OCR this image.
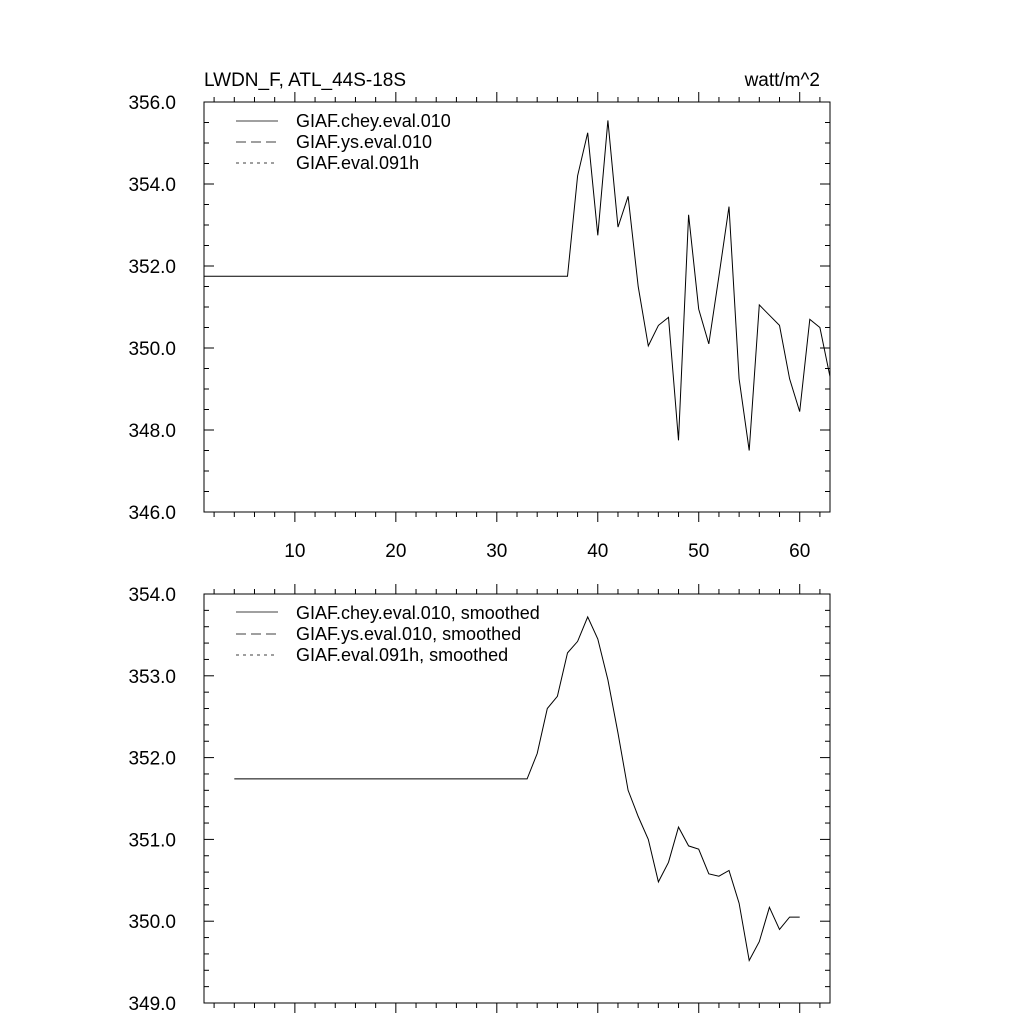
LWDN_F, ATL_44S-18S	watt/m^2
346.0
348.0
350.0
352.0
354.0
356.0
10	20	30	40	50	60
GIAF.chey.eval.010
GIAF.ys.eval.010
GIAF.eval.091h
349.0
350.0
351.0
352.0
353.0
354.0
GIAF.chey.eval.010, smoothed
GIAF.ys.eval.010, smoothed
GIAF.eval.091h, smoothed
